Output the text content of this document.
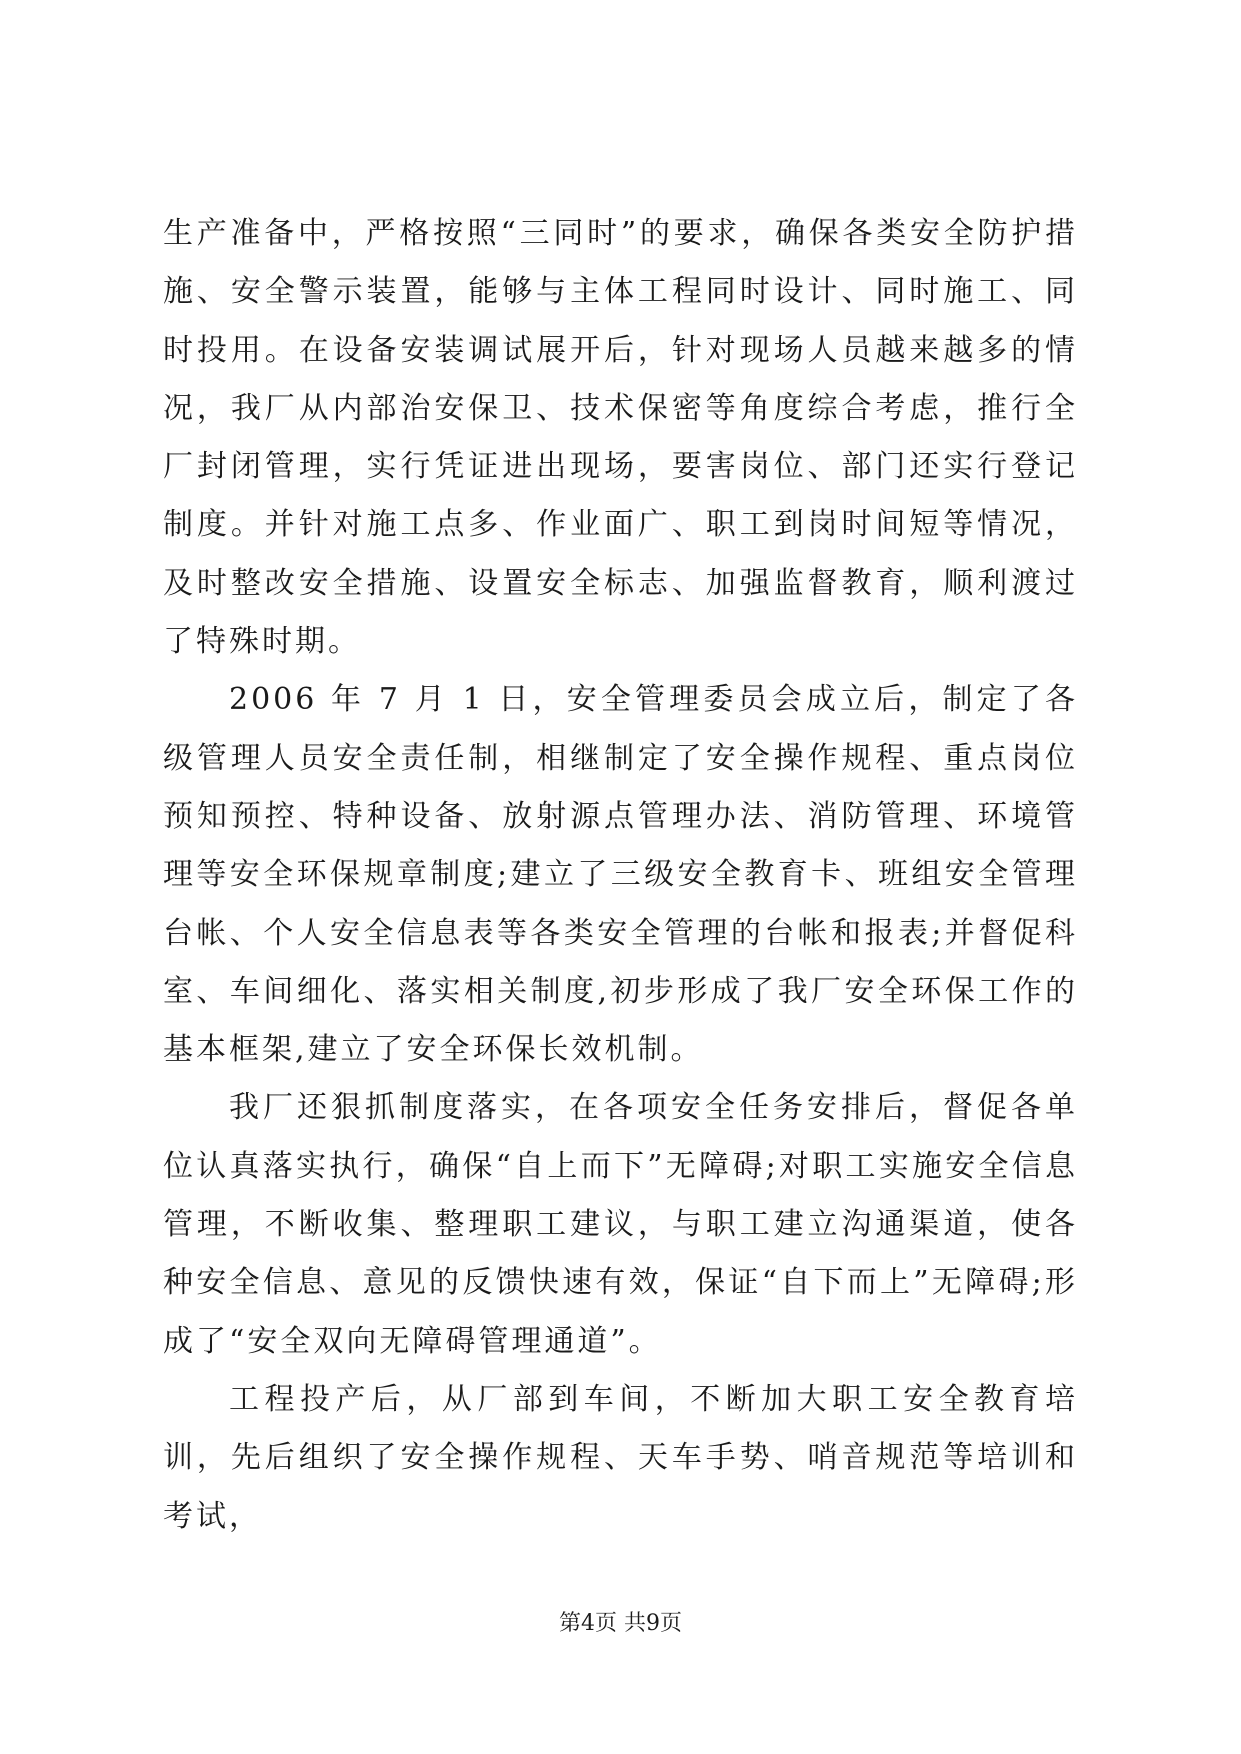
生产准备中，严格按照“三同时”的要求，确保各类安全防护措施、安全警示装置，能够与主体工程同时设计、同时施工、同时投用。在设备安装调试展开后，针对现场人员越来越多的情况，我厂从内部治安保卫、技术保密等角度综合考虑，推行全厂封闭管理，实行凭证进出现场，要害岗位、部门还实行登记制度。并针对施工点多、作业面广、职工到岗时间短等情况，及时整改安全措施、设置安全标志、加强监督教育，顺利渡过了特殊时期。

2006 年 7 月 1 日，安全管理委员会成立后，制定了各级管理人员安全责任制，相继制定了安全操作规程、重点岗位预知预控、特种设备、放射源点管理办法、消防管理、环境管理等安全环保规章制度;建立了三级安全教育卡、班组安全管理台帐、个人安全信息表等各类安全管理的台帐和报表;并督促科室、车间细化、落实相关制度,初步形成了我厂安全环保工作的基本框架,建立了安全环保长效机制。

我厂还狠抓制度落实，在各项安全任务安排后，督促各单位认真落实执行，确保“自上而下”无障碍;对职工实施安全信息管理，不断收集、整理职工建议，与职工建立沟通渠道，使各种安全信息、意见的反馈快速有效，保证“自下而上”无障碍;形成了“安全双向无障碍管理通道”。

工程投产后，从厂部到车间，不断加大职工安全教育培训，先后组织了安全操作规程、天车手势、哨音规范等培训和考试，

第4页 共9页
